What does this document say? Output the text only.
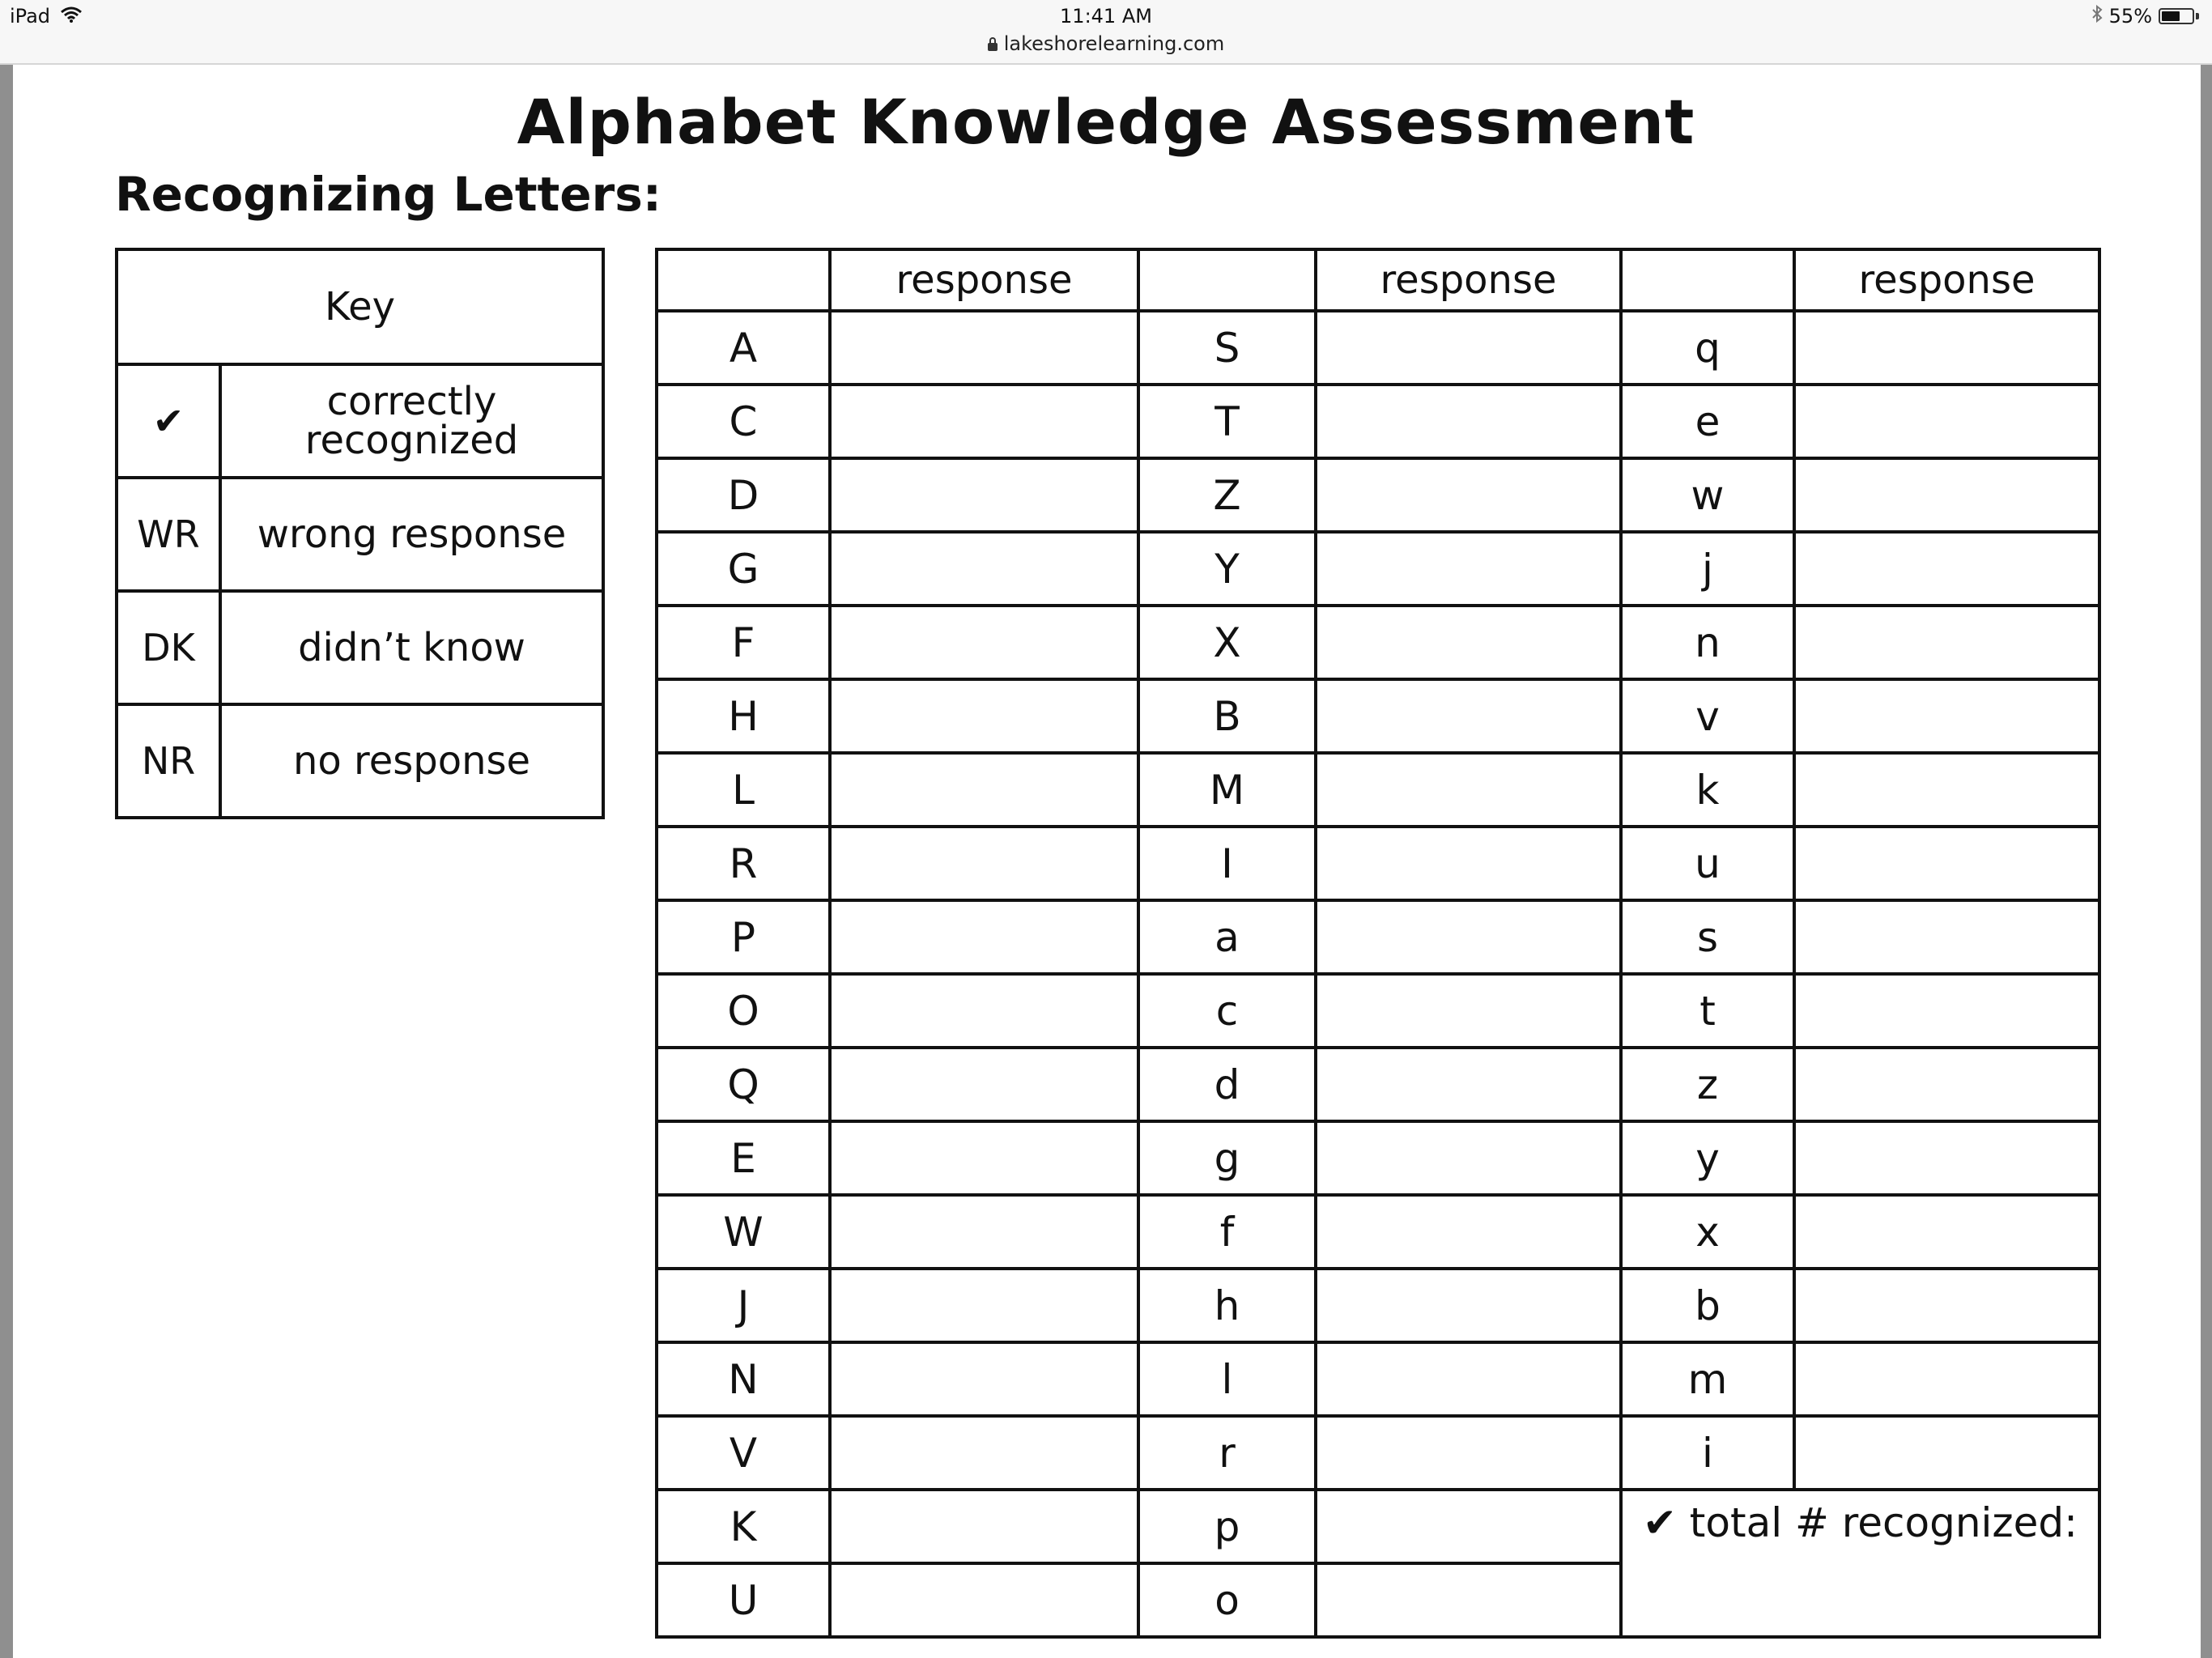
iPad	11:41 AM
lakeshorelearning.com
55%
Alphabet Knowledge Assessment
Recognizing Letters:
Key	
✔	correctly recognized
WR	wrong response
DK	didn’t know
NR	no response
	response		response		response
A		S		q	
C		T		e	
D		Z		w	
G		Y		j	
F		X		n	
H		B		v	
L		M		k	
R		I		u	
P		a		s	
O		c		t	
Q		d		z	
E		g		y	
W		f		x	
J		h		b	
N		l		m	
V		r		i	
K		p		✔ total # recognized:	
U		o			
